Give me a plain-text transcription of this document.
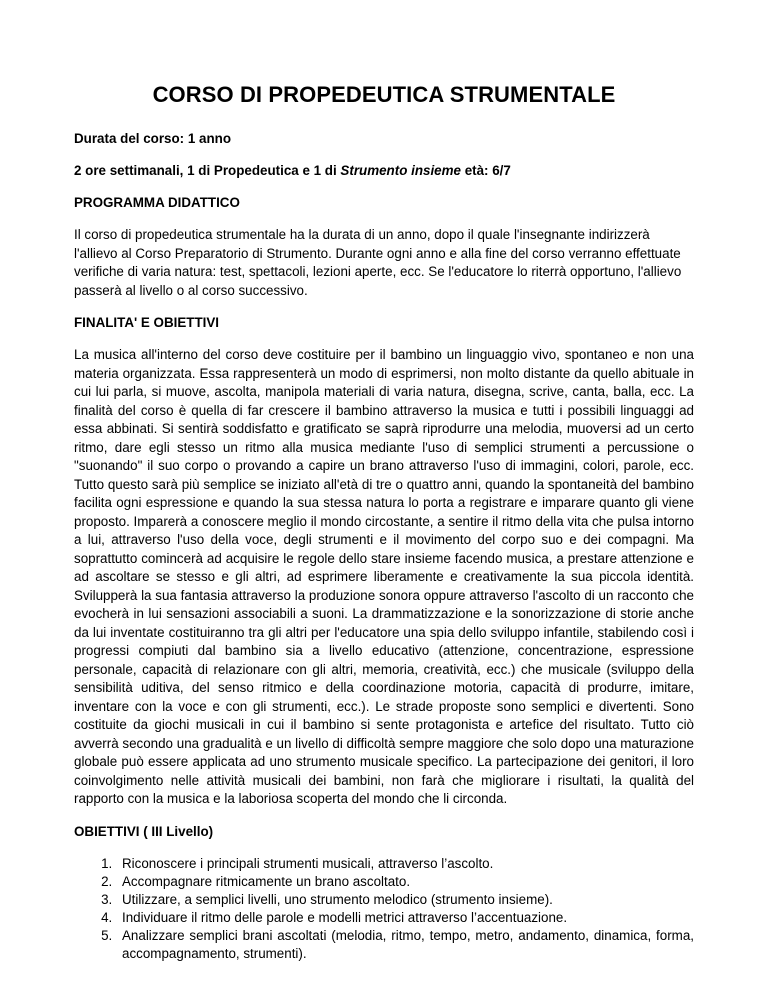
CORSO DI PROPEDEUTICA STRUMENTALE
Durata del corso: 1 anno
2 ore settimanali, 1 di Propedeutica e 1 di Strumento insieme età: 6/7
PROGRAMMA DIDATTICO

Il corso di propedeutica strumentale ha la durata di un anno, dopo il quale l'insegnante indirizzerà l'allievo al Corso Preparatorio di Strumento. Durante ogni anno e alla fine del corso verranno effettuate verifiche di varia natura: test, spettacoli, lezioni aperte, ecc. Se l'educatore lo riterrà opportuno, l'allievo passerà al livello o al corso successivo.

FINALITA' E OBIETTIVI

La musica all'interno del corso deve costituire per il bambino un linguaggio vivo, spontaneo e non una materia organizzata. Essa rappresenterà un modo di esprimersi, non molto distante da quello abituale in cui lui parla, si muove, ascolta, manipola materiali di varia natura, disegna, scrive, canta, balla, ecc. La finalità del corso è quella di far crescere il bambino attraverso la musica e tutti i possibili linguaggi ad essa abbinati. Si sentirà soddisfatto e gratificato se saprà riprodurre una melodia, muoversi ad un certo ritmo, dare egli stesso un ritmo alla musica mediante l'uso di semplici strumenti a percussione o "suonando" il suo corpo o provando a capire un brano attraverso l'uso di immagini, colori, parole, ecc. Tutto questo sarà più semplice se iniziato all'età di tre o quattro anni, quando la spontaneità del bambino facilita ogni espressione e quando la sua stessa natura lo porta a registrare e imparare quanto gli viene proposto. Imparerà a conoscere meglio il mondo circostante, a sentire il ritmo della vita che pulsa intorno a lui, attraverso l'uso della voce, degli strumenti e il movimento del corpo suo e dei compagni. Ma soprattutto comincerà ad acquisire le regole dello stare insieme facendo musica, a prestare attenzione e ad ascoltare se stesso e gli altri, ad esprimere liberamente e creativamente la sua piccola identità. Svilupperà la sua fantasia attraverso la produzione sonora oppure attraverso l'ascolto di un racconto che evocherà in lui sensazioni associabili a suoni. La drammatizzazione e la sonorizzazione di storie anche da lui inventate costituiranno tra gli altri per l'educatore una spia dello sviluppo infantile, stabilendo così i progressi compiuti dal bambino sia a livello educativo (attenzione, concentrazione, espressione personale, capacità di relazionare con gli altri, memoria, creatività, ecc.) che musicale (sviluppo della sensibilità uditiva, del senso ritmico e della coordinazione motoria, capacità di produrre, imitare, inventare con la voce e con gli strumenti, ecc.). Le strade proposte sono semplici e divertenti. Sono costituite da giochi musicali in cui il bambino si sente protagonista e artefice del risultato. Tutto ciò avverrà secondo una gradualità e un livello di difficoltà sempre maggiore che solo dopo una maturazione globale può essere applicata ad uno strumento musicale specifico. La partecipazione dei genitori, il loro coinvolgimento nelle attività musicali dei bambini, non farà che migliorare i risultati, la qualità del rapporto con la musica e la laboriosa scoperta del mondo che li circonda.

OBIETTIVI ( III Livello)
1. Riconoscere i principali strumenti musicali, attraverso l’ascolto.
2. Accompagnare ritmicamente un brano ascoltato.
3. Utilizzare, a semplici livelli, uno strumento melodico (strumento insieme).
4. Individuare il ritmo delle parole e modelli metrici attraverso l’accentuazione.
5. Analizzare semplici brani ascoltati (melodia, ritmo, tempo, metro, andamento, dinamica, forma, accompagnamento, strumenti).
